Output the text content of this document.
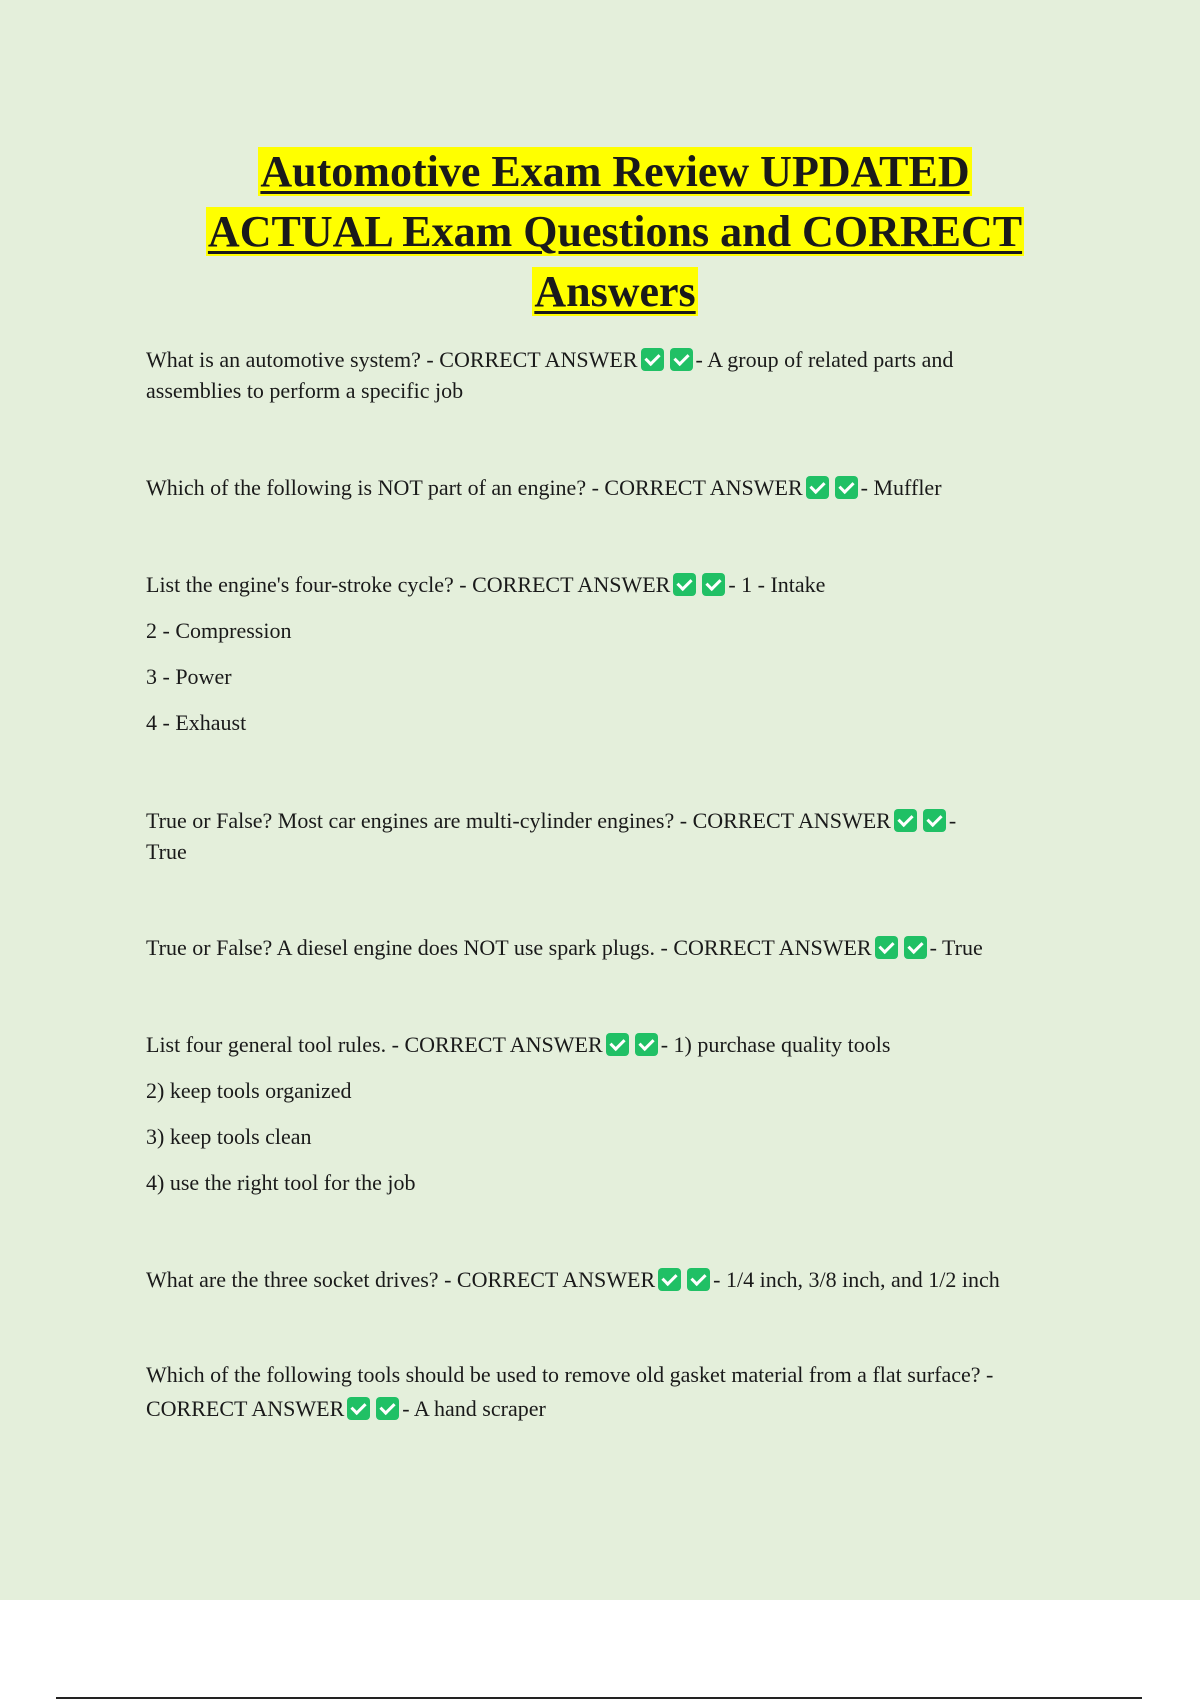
Automotive Exam Review UPDATED
ACTUAL Exam Questions and CORRECT
Answers
What is an automotive system? - CORRECT ANSWER	- A group of related parts and
assemblies to perform a specific job
Which of the following is NOT part of an engine? - CORRECT ANSWER	- Muffler
List the engine's four-stroke cycle? - CORRECT ANSWER	- 1 - Intake
2 - Compression
3 - Power
4 - Exhaust
True or False? Most car engines are multi-cylinder engines? - CORRECT ANSWER	-
True
True or False? A diesel engine does NOT use spark plugs. - CORRECT ANSWER	- True
List four general tool rules. - CORRECT ANSWER	- 1) purchase quality tools
2) keep tools organized
3) keep tools clean
4) use the right tool for the job
What are the three socket drives? - CORRECT ANSWER	- 1/4 inch, 3/8 inch, and 1/2 inch
Which of the following tools should be used to remove old gasket material from a flat surface? -
CORRECT ANSWER	- A hand scraper
